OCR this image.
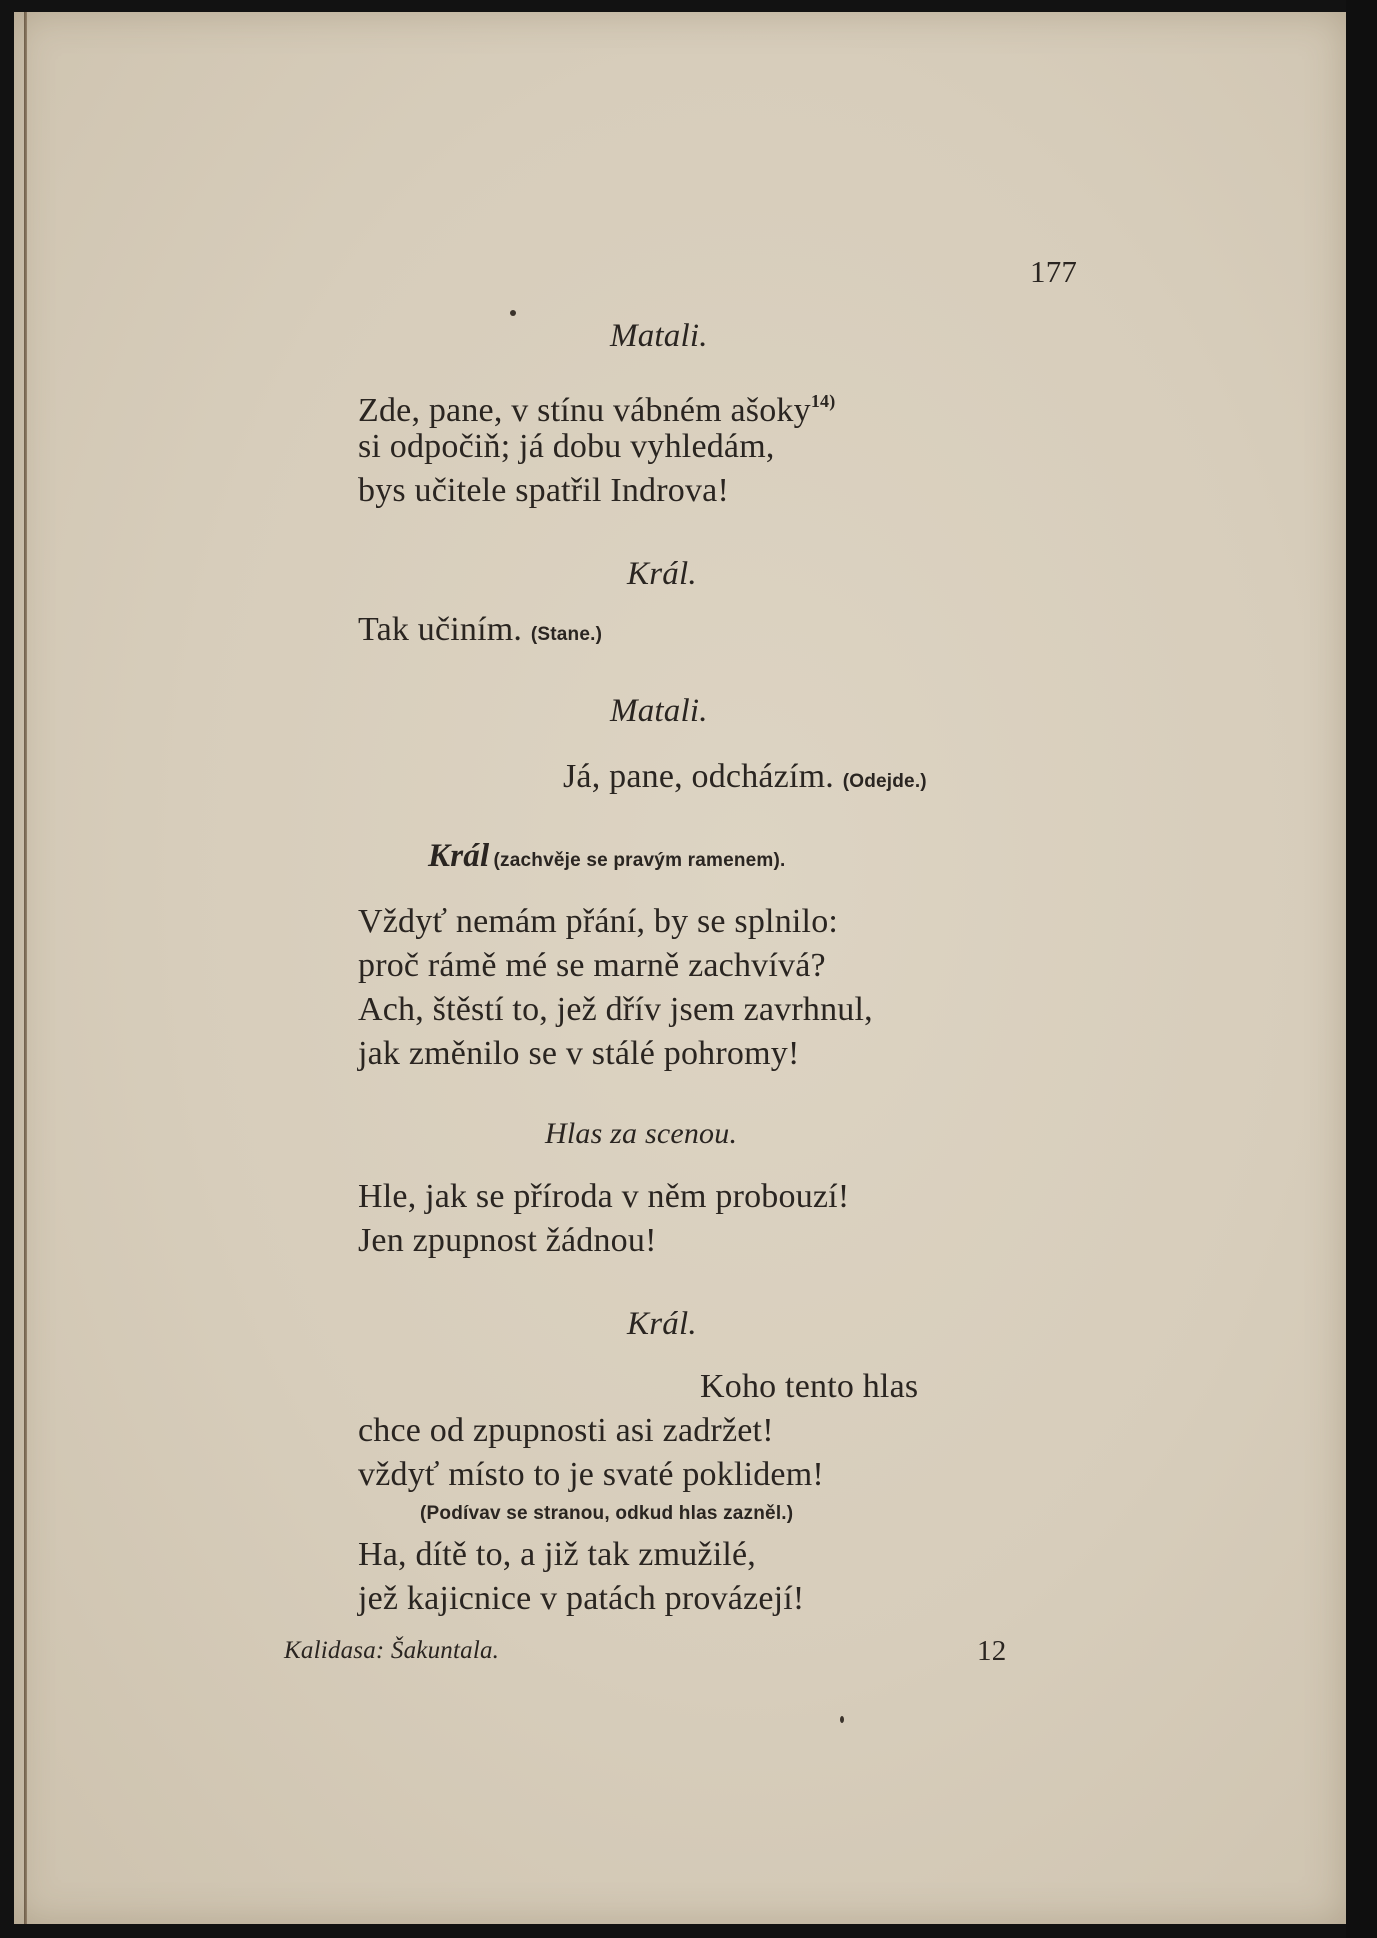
177
Matali.
Zde, pane, v stínu vábném ašoky$^{14)}$
si odpočiň; já dobu vyhledám,
bys učitele spatřil Indrova!
Král.
Tak učiním. (Stane.)
Matali.
Já, pane, odcházím. (Odejde.)
Král (zachvěje se pravým ramenem).
Vždyť nemám přání, by se splnilo:
proč rámě mé se marně zachvívá?
Ach, štěstí to, jež dřív jsem zavrhnul,
jak změnilo se v stálé pohromy!
Hlas za scenou.
Hle, jak se příroda v něm probouzí!
Jen zpupnost žádnou!
Král.
Koho tento hlas
chce od zpupnosti asi zadržet!
vždyť místo to je svaté poklidem!
(Podívav se stranou, odkud hlas zazněl.)
Ha, dítě to, a již tak zmužilé,
jež kajicnice v patách provázejí!
Kalidasa: Šakuntala.	12
